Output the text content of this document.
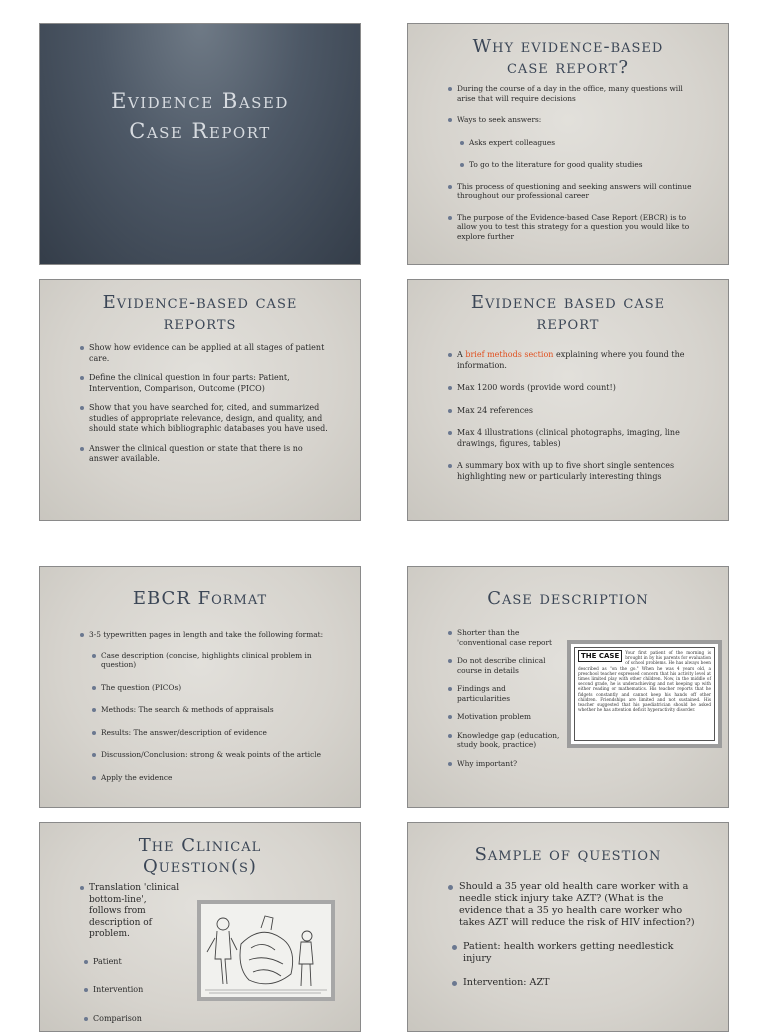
Evidence Based
Case Report
Why evidence-based
case report?
During the course of a day in the office, many questions will arise that will require decisions
Ways to seek answers:
Asks expert colleagues
To go to the literature for good quality studies
This process of questioning and seeking answers will continue throughout our professional career
The purpose of the Evidence-based Case Report (EBCR) is to allow you to test this strategy for a question you would like to explore further
Evidence-based case
reports
Show how evidence can be applied at all stages of patient care.
Define the clinical question in four parts: Patient, Intervention, Comparison, Outcome (PICO)
Show that you have searched for, cited, and summarized studies of appropriate relevance, design, and quality, and should state which bibliographic databases you have used.
Answer the clinical question or state that there is no answer available.
Evidence based case
report
A brief methods section explaining where you found the information.
Max 1200 words (provide word count!)
Max 24 references
Max 4 illustrations (clinical photographs, imaging, line drawings, figures, tables)
A summary box with up to five short single sentences highlighting new or particularly interesting things
EBCR Format
3-5 typewritten pages in length and take the following format:
Case description (concise, highlights clinical problem in question)
The question (PICOs)
Methods: The search & methods of appraisals
Results: The answer/description of evidence
Discussion/Conclusion: strong & weak points of the article
Apply the evidence
Case description
Shorter than the 'conventional case report
Do not describe clinical course in details
Findings and particularities
Motivation problem
Knowledge gap (education, study book, practice)
Why important?
THE CASE	Your first patient of the morning is brought in by his parents for evaluation of school problems. He has always been described as "on the go." When he was 4 years old, a preschool teacher expressed concern that his activity level at times limited play with other children. Now, in the middle of second grade, he is underachieving and not keeping up with either reading or mathematics. His teacher reports that he fidgets constantly and cannot keep his hands off other children. Friendships are limited and not sustained. His teacher suggested that his paediatrician should be asked whether he has attention deficit hyperactivity disorder.
The Clinical
Question(s)
Translation 'clinical bottom-line', follows from description of problem.
Patient
Intervention
Comparison
Sample of question
Should a 35 year old health care worker with a needle stick injury take AZT? (What is the evidence that a 35 yo health care worker who takes AZT will reduce the risk of HIV infection?)
Patient: health workers getting needlestick injury
Intervention: AZT
